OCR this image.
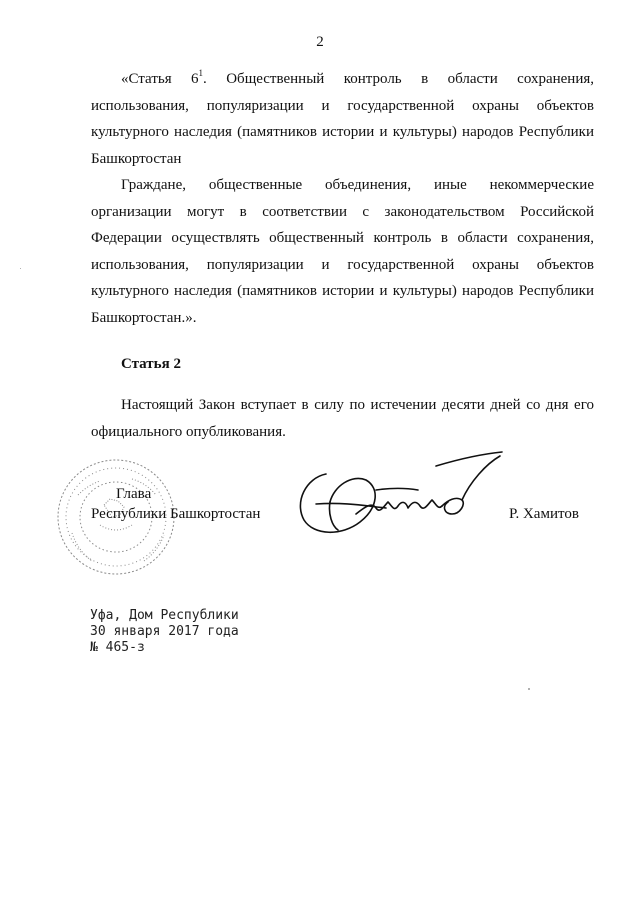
2

«Статья $6^1$. Общественный контроль в области сохранения, использования, популяризации и государственной охраны объектов культурного наследия (памятников истории и культуры) народов Республики Башкортостан

Граждане, общественные объединения, иные некоммерческие организации могут в соответствии с законодательством Российской Федерации осуществлять общественный контроль в области сохранения, использования, популяризации и государственной охраны объектов культурного наследия (памятников истории и культуры) народов Республики Башкортостан.».

Статья 2

Настоящий Закон вступает в силу по истечении десяти дней со дня его официального опубликования.

Глава
Республики Башкортостан	Р. Хамитов
Уфа, Дом Республики
30 января 2017 года
№ 465-з
